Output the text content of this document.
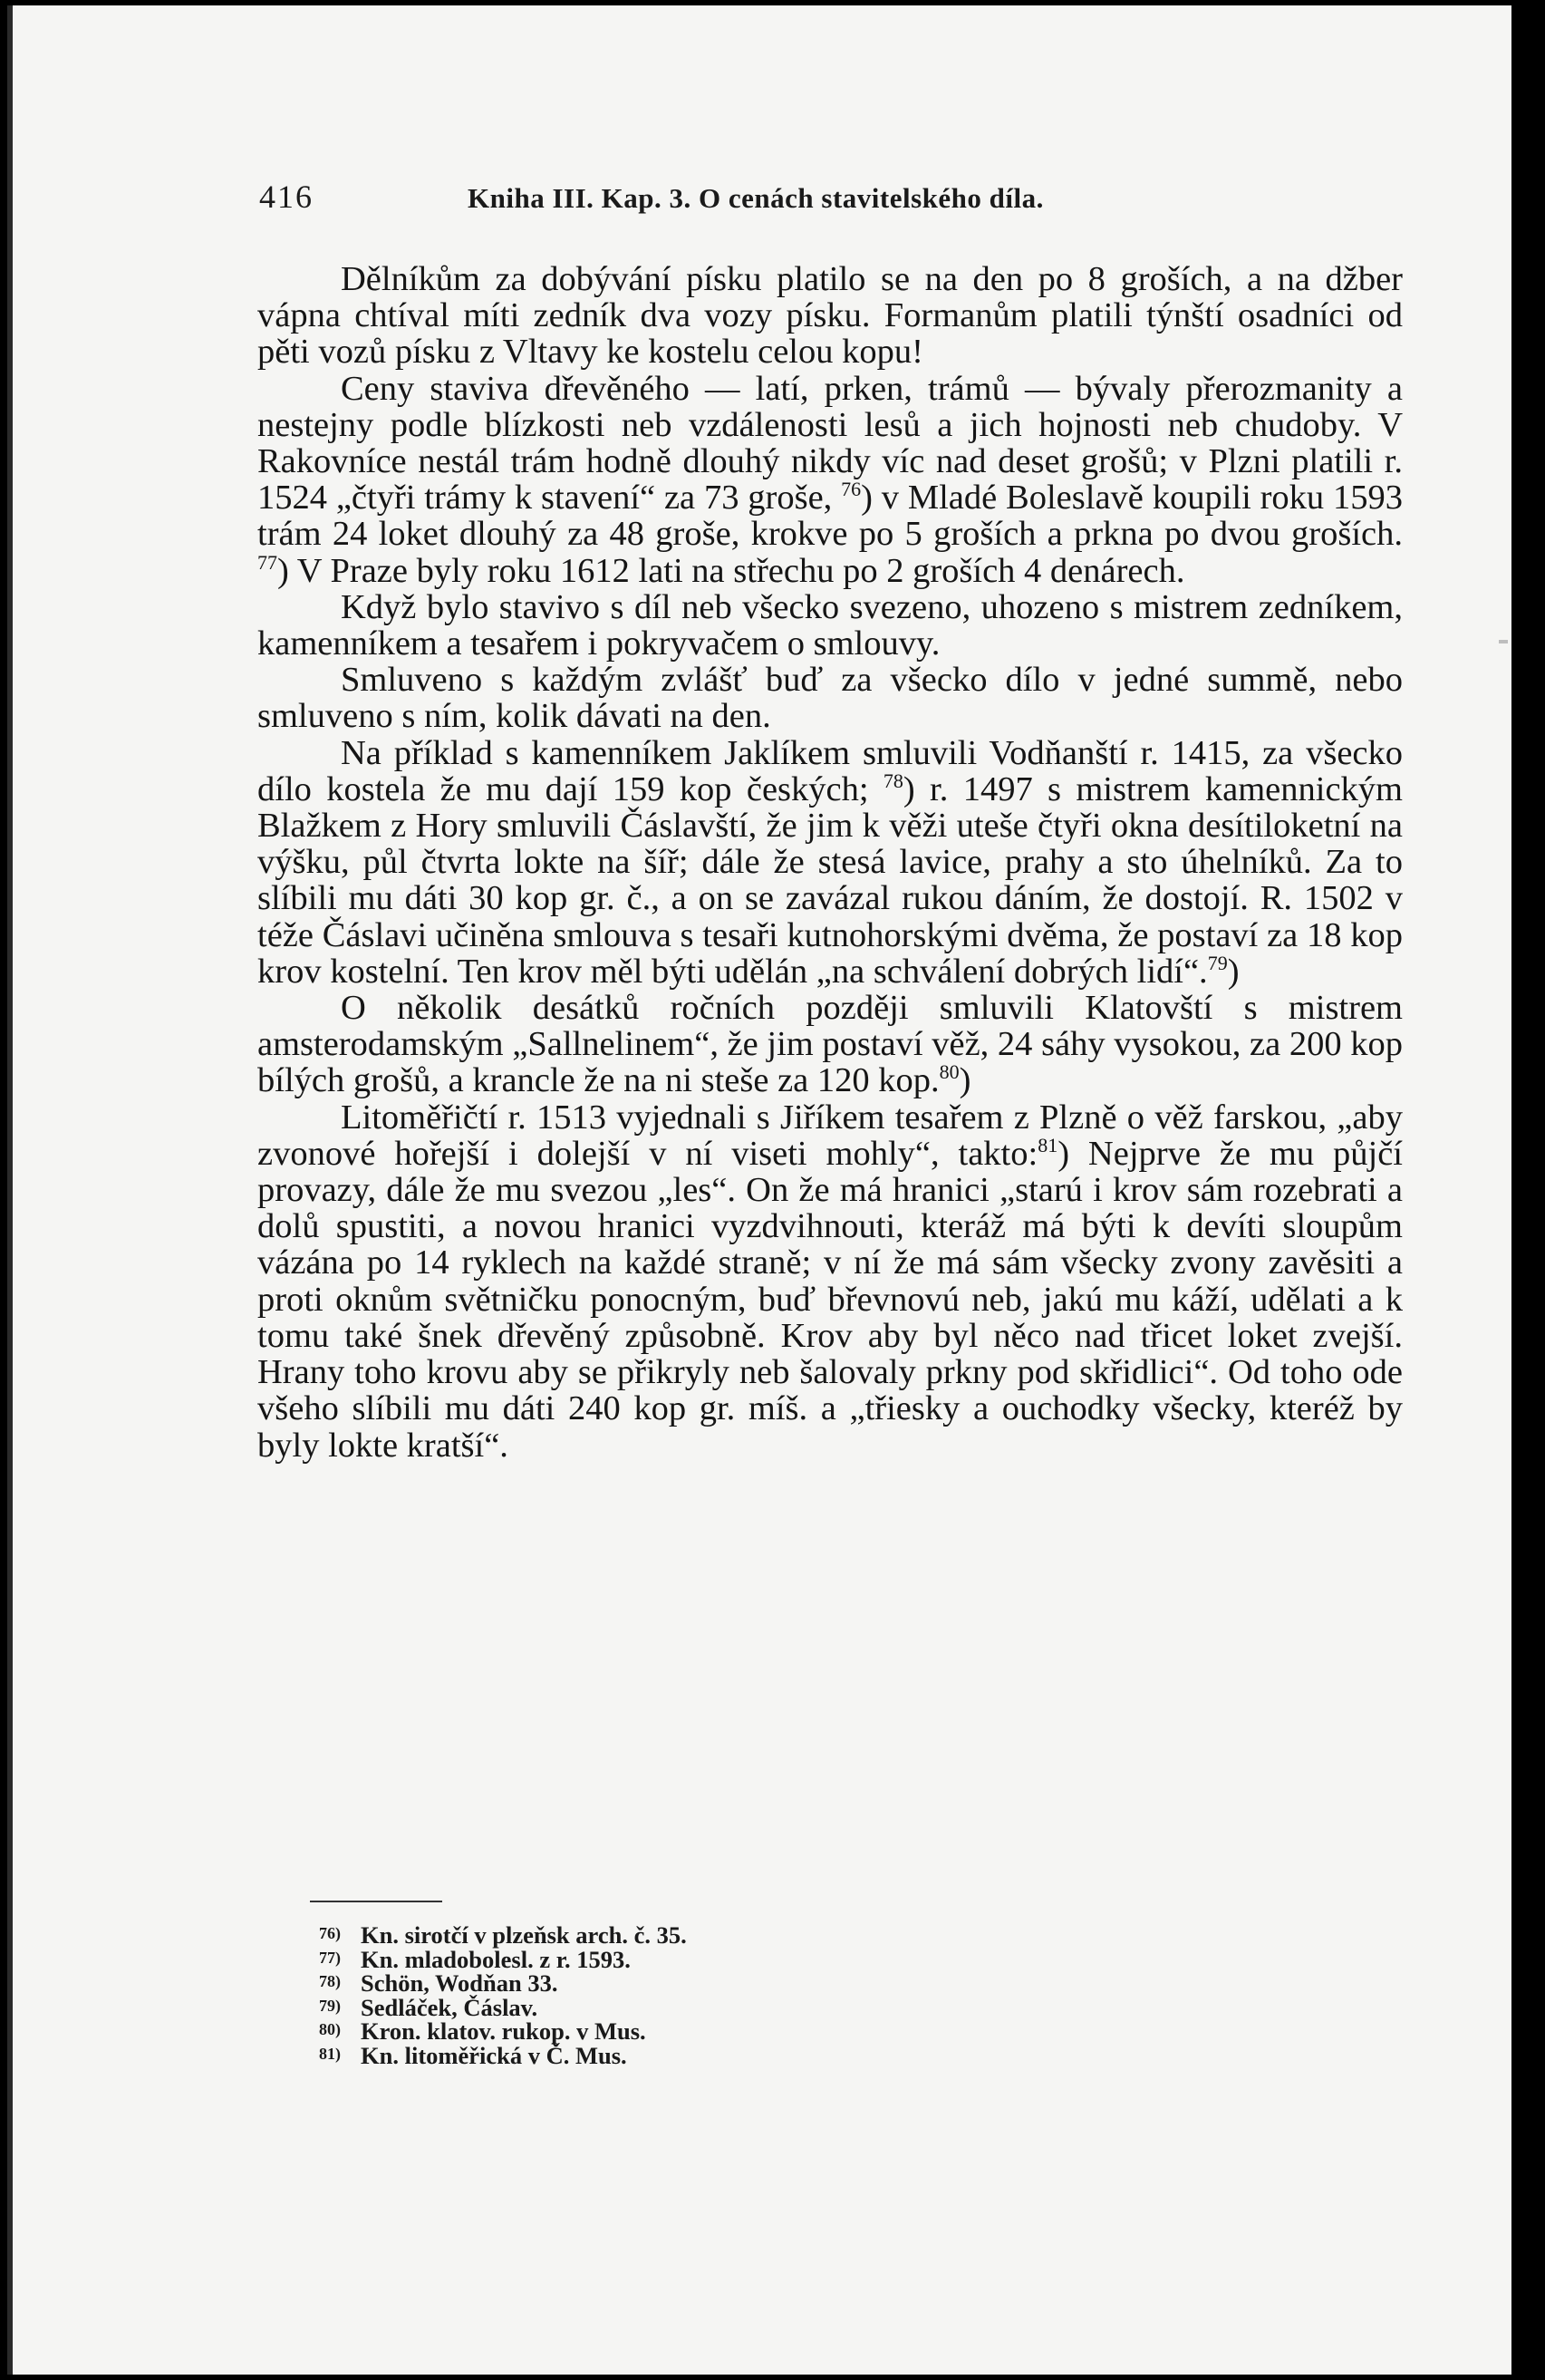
416	Kniha III. Kap. 3. O cenách stavitelského díla.

Dělníkům za dobývání písku platilo se na den po 8 groších, a na džber vápna chtíval míti zedník dva vozy písku. Formanům platili týnští osadníci od pěti vozů písku z Vltavy ke kostelu celou kopu!

Ceny staviva dřevěného — latí, prken, trámů — bývaly přerozmanity a nestejny podle blízkosti neb vzdálenosti lesů a jich hojnosti neb chudoby. V Rakovníce nestál trám hodně dlouhý nikdy víc nad deset grošů; v Plzni platili r. 1524 „čtyři trámy k stavení“ za 73 groše, $^{76}$) v Mladé Boleslavě koupili roku 1593 trám 24 loket dlouhý za 48 groše, krokve po 5 groších a prkna po dvou groších. $^{77}$) V Praze byly roku 1612 lati na střechu po 2 groších 4 denárech.

Když bylo stavivo s díl neb všecko svezeno, uhozeno s mistrem zedníkem, kamenníkem a tesařem i pokryvačem o smlouvy.

Smluveno s každým zvlášť buď za všecko dílo v jedné summě, nebo smluveno s ním, kolik dávati na den.

Na příklad s kamenníkem Jaklíkem smluvili Vodňanští r. 1415, za všecko dílo kostela že mu dají 159 kop českých; $^{78}$) r. 1497 s mistrem kamennickým Blažkem z Hory smluvili Čáslavští, že jim k věži uteše čtyři okna desítiloketní na výšku, půl čtvrta lokte na šíř; dále že stesá lavice, prahy a sto úhelníků. Za to slíbili mu dáti 30 kop gr. č., a on se zavázal rukou dáním, že dostojí. R. 1502 v téže Čáslavi učiněna smlouva s tesaři kutnohorskými dvěma, že postaví za 18 kop krov kostelní. Ten krov měl býti udělán „na schválení dobrých lidí“.$^{79}$)

O několik desátků ročních později smluvili Klatovští s mistrem amsterodamským „Sallnelinem“, že jim postaví věž, 24 sáhy vysokou, za 200 kop bílých grošů, a krancle že na ni steše za 120 kop.$^{80}$)

Litoměřičtí r. 1513 vyjednali s Jiříkem tesařem z Plzně o věž farskou, „aby zvonové hořejší i dolejší v ní viseti mohly“, takto:$^{81}$) Nejprve že mu půjčí provazy, dále že mu svezou „les“. On že má hranici „starú i krov sám rozebrati a dolů spustiti, a novou hranici vyzdvihnouti, kteráž má býti k devíti sloupům vázána po 14 ryklech na každé straně; v ní že má sám všecky zvony zavěsiti a proti oknům světničku ponocným, buď břevnovú neb, jakú mu káží, udělati a k tomu také šnek dřevěný způsobně. Krov aby byl něco nad třicet loket zvejší. Hrany toho krovu aby se přikryly neb šalovaly prkny pod skřidlici“. Od toho ode všeho slíbili mu dáti 240 kop gr. míš. a „třiesky a ouchodky všecky, kteréž by byly lokte kratší“.

76) Kn. sirotčí v plzeňsk arch. č. 35.
77) Kn. mladobolesl. z r. 1593.
78) Schön, Wodňan 33.
79) Sedláček, Čáslav.
80) Kron. klatov. rukop. v Mus.
81) Kn. litoměřická v Č. Mus.
